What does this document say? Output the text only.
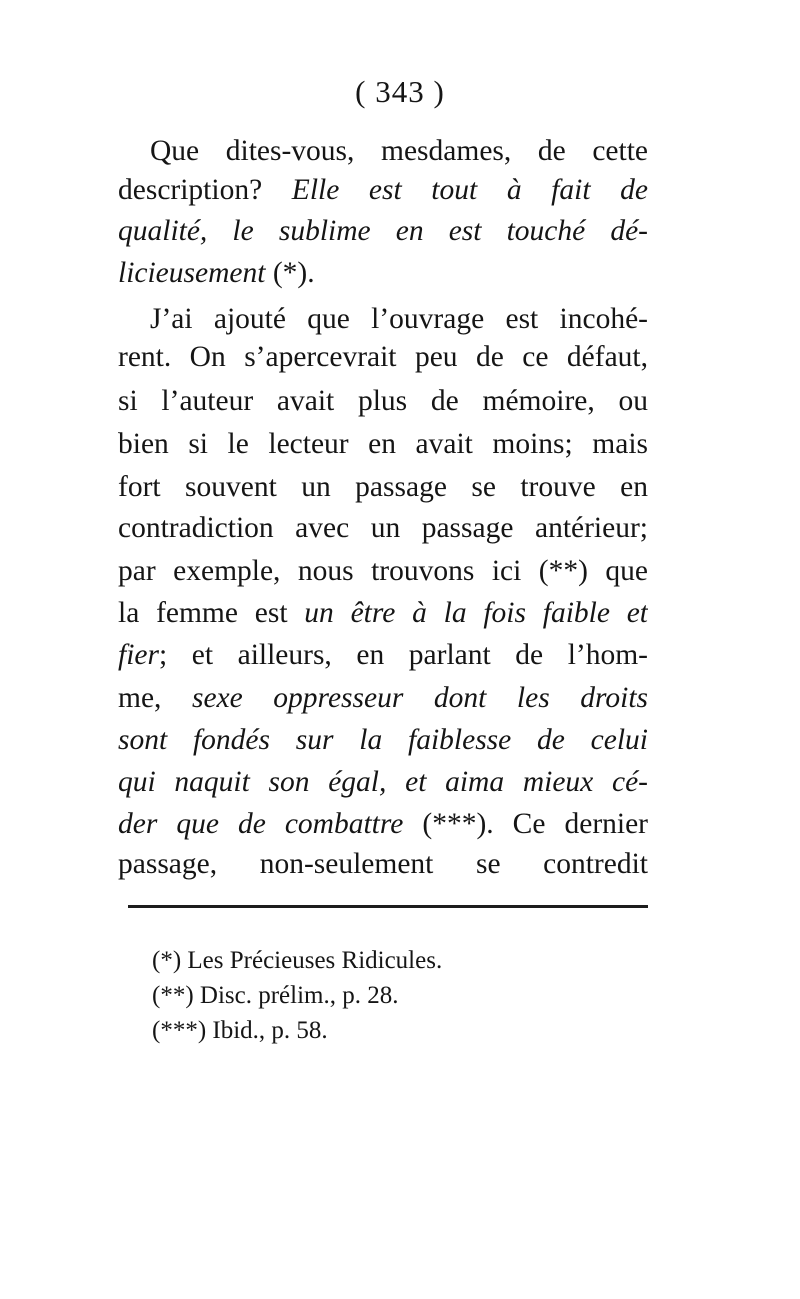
( 343 )
Que dites-vous, mesdames, de cette
description? Elle est tout à fait de
qualité, le sublime en est touché dé-
licieusement (*).
J’ai ajouté que l’ouvrage est incohé-
rent. On s’apercevrait peu de ce défaut,
si l’auteur avait plus de mémoire, ou
bien si le lecteur en avait moins; mais
fort souvent un passage se trouve en
contradiction avec un passage antérieur;
par exemple, nous trouvons ici (**) que
la femme est un être à la fois faible et
fier; et ailleurs, en parlant de l’hom-
me, sexe oppresseur dont les droits
sont fondés sur la faiblesse de celui
qui naquit son égal, et aima mieux cé-
der que de combattre (***). Ce dernier
passage, non-seulement se contredit
(*) Les Précieuses Ridicules.
(**) Disc. prélim., p. 28.
(***) Ibid., p. 58.
